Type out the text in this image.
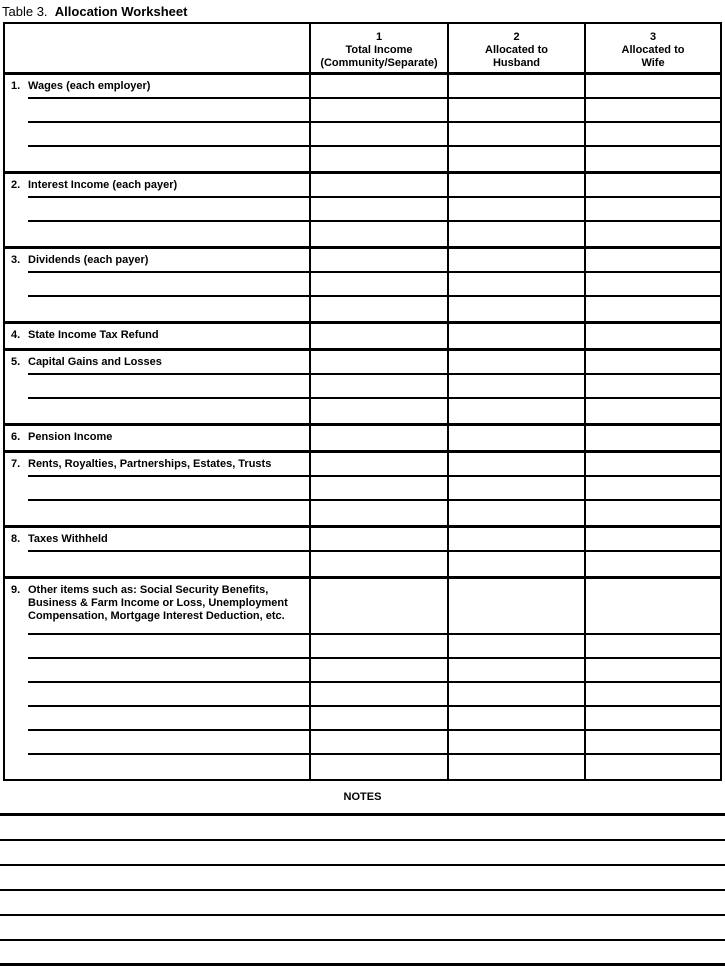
Table 3. Allocation Worksheet
1
Total Income
(Community/Separate)
2
Allocated to
Husband
3
Allocated to
Wife
1. Wages (each employer)
2. Interest Income (each payer)
3. Dividends (each payer)
4. State Income Tax Refund
5. Capital Gains and Losses
6. Pension Income
7. Rents, Royalties, Partnerships, Estates, Trusts
8. Taxes Withheld
9. Other items such as: Social Security Benefits, Business & Farm Income or Loss, Unemployment Compensation, Mortgage Interest Deduction, etc.
NOTES
